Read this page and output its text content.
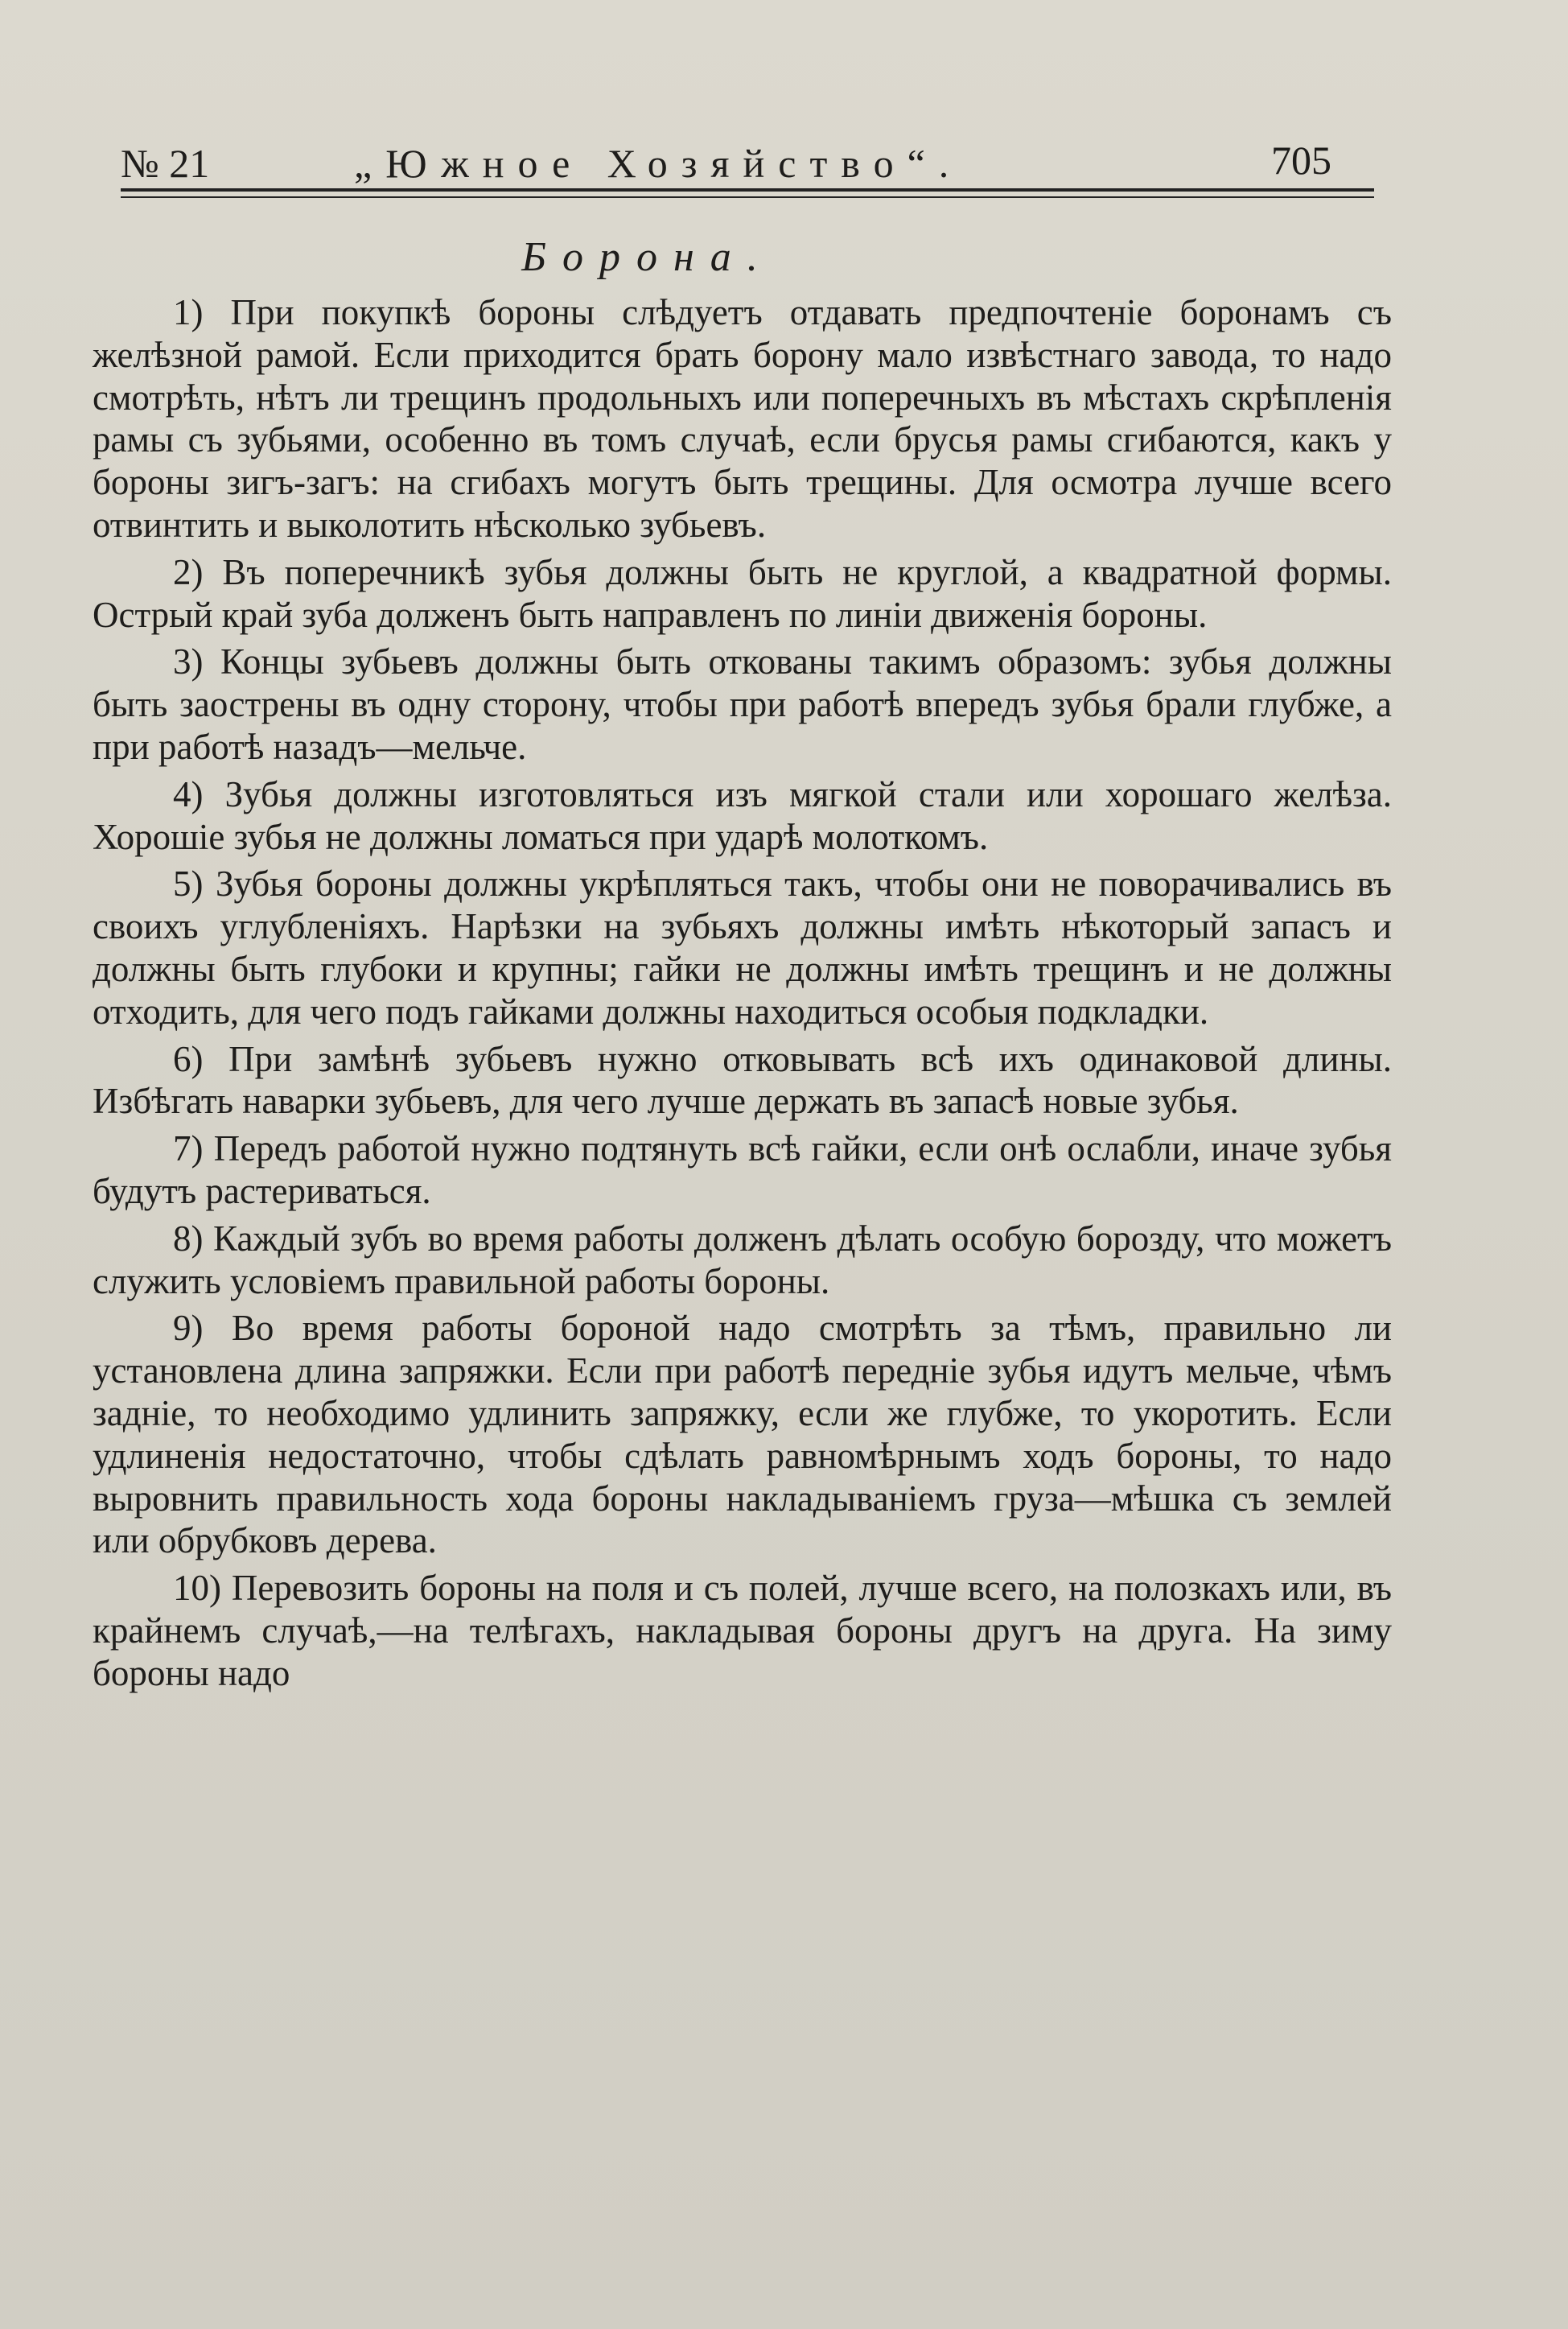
№ 21	„Южное Хозяйство“.	705
Борона.

1) При покупкѣ бороны слѣдуетъ отдавать предпочтеніе боронамъ съ желѣзной рамой. Если приходится брать борону мало извѣстнаго завода, то надо смотрѣть, нѣтъ ли трещинъ продольныхъ или поперечныхъ въ мѣстахъ скрѣпленія рамы съ зубьями, особенно въ томъ случаѣ, если брусья рамы сгибаются, какъ у бороны зигъ-загъ: на сгибахъ могутъ быть трещины. Для осмотра лучше всего отвинтить и выколотить нѣсколько зубьевъ.

2) Въ поперечникѣ зубья должны быть не круглой, а квадратной формы. Острый край зуба долженъ быть направленъ по линіи движенія бороны.

3) Концы зубьевъ должны быть откованы такимъ образомъ: зубья должны быть заострены въ одну сторону, чтобы при работѣ впередъ зубья брали глубже, а при работѣ назадъ—мельче.

4) Зубья должны изготовляться изъ мягкой стали или хорошаго желѣза. Хорошіе зубья не должны ломаться при ударѣ молоткомъ.

5) Зубья бороны должны укрѣпляться такъ, чтобы они не поворачивались въ своихъ углубленіяхъ. Нарѣзки на зубьяхъ должны имѣть нѣкоторый запасъ и должны быть глубоки и крупны; гайки не должны имѣть трещинъ и не должны отходить, для чего подъ гайками должны находиться особыя подкладки.

6) При замѣнѣ зубьевъ нужно отковывать всѣ ихъ одинаковой длины. Избѣгать наварки зубьевъ, для чего лучше держать въ запасѣ новые зубья.

7) Передъ работой нужно подтянуть всѣ гайки, если онѣ ослабли, иначе зубья будутъ растериваться.

8) Каждый зубъ во время работы долженъ дѣлать особую борозду, что можетъ служить условіемъ правильной работы бороны.

9) Во время работы бороной надо смотрѣть за тѣмъ, правильно ли установлена длина запряжки. Если при работѣ передніе зубья идутъ мельче, чѣмъ задніе, то необходимо удлинить запряжку, если же глубже, то укоротить. Если удлиненія недостаточно, чтобы сдѣлать равномѣрнымъ ходъ бороны, то надо выровнить правильность хода бороны накладываніемъ груза—мѣшка съ землей или обрубковъ дерева.

10) Перевозить бороны на поля и съ полей, лучше всего, на полозкахъ или, въ крайнемъ случаѣ,—на телѣгахъ, накладывая бороны другъ на друга. На зиму бороны надо
